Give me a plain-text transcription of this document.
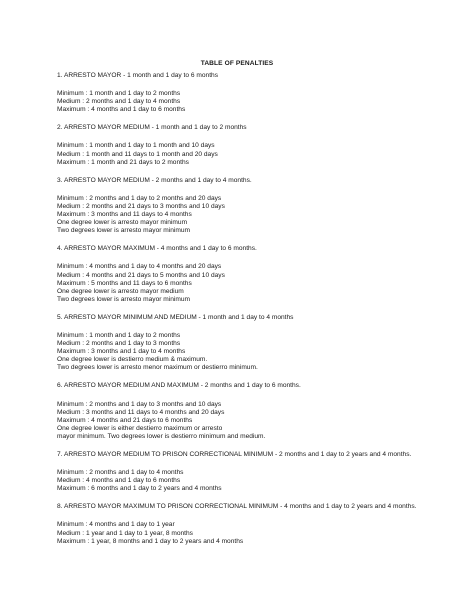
TABLE OF PENALTIES
1. ARRESTO MAYOR - 1 month and 1 day to 6 months
Minimum : 1 month and 1 day to 2 months
Medium : 2 months and 1 day to 4 months
Maximum : 4 months and 1 day to 6 months
2. ARRESTO MAYOR MEDIUM - 1 month and 1 day to 2 months
Minimum : 1 month and 1 day to 1 month and 10 days
Medium : 1 month and 11 days to 1 month and 20 days
Maximum : 1 month and 21 days to 2 months
3. ARRESTO MAYOR MEDIUM - 2 months and 1 day to 4 months.
Minimum : 2 months and 1 day to 2 months and 20 days
Medium : 2 months and 21 days to 3 months and 10 days
Maximum : 3 months and 11 days to 4 months
One degree lower is arresto mayor minimum
Two degrees lower is arresto mayor minimum
4. ARRESTO MAYOR MAXIMUM - 4 months and 1 day to 6 months.
Minimum : 4 months and 1 day to 4 months and 20 days
Medium : 4 months and 21 days to 5 months and 10 days
Maximum : 5 months and 11 days to 6 months
One degree lower is arresto mayor medium
Two degrees lower is arresto mayor minimum
5. ARRESTO MAYOR MINIMUM AND MEDIUM - 1 month and 1 day to 4 months
Minimum : 1 month and 1 day to 2 months
Medium : 2 months and 1 day to 3 months
Maximum : 3 months and 1 day to 4 months
One degree lower is destierro medium & maximum.
Two degrees lower is arresto menor maximum or destierro minimum.
6. ARRESTO MAYOR MEDIUM AND MAXIMUM - 2 months and 1 day to 6 months.
Minimum : 2 months and 1 day to 3 months and 10 days
Medium : 3 months and 11 days to 4 months and 20 days
Maximum : 4 months and 21 days to 6 months
One degree lower is either destierro maximum or arresto
mayor minimum. Two degrees lower is destierro minimum and medium.
7. ARRESTO MAYOR MEDIUM TO PRISON CORRECTIONAL MINIMUM - 2 months and 1 day to 2 years and 4 months.
Minimum : 2 months and 1 day to 4 months
Medium : 4 months and 1 day to 6 months
Maximum : 6 months and 1 day to 2 years and 4 months
8. ARRESTO MAYOR MAXIMUM TO PRISON CORRECTIONAL MINIMUM - 4 months and 1 day to 2 years and 4 months.
Minimum : 4 months and 1 day to 1 year
Medium : 1 year and 1 day to 1 year, 8 months
Maximum : 1 year, 8 months and 1 day to 2 years and 4 months
